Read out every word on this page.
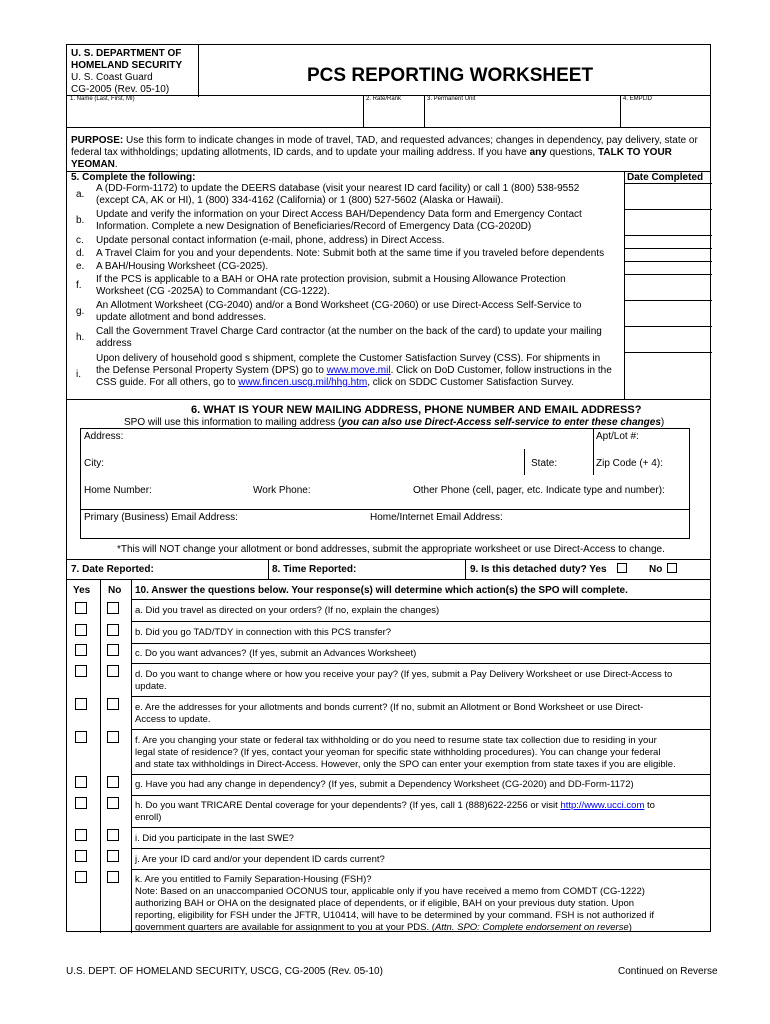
U. S. DEPARTMENT OF
HOMELAND SECURITY
U. S. Coast Guard
CG-2005 (Rev. 05-10)
PCS REPORTING WORKSHEET
1. Name (Last, First, MI)	2. Rate/Rank	3. Permanent Unit	4. EMPLID
PURPOSE: Use this form to indicate changes in mode of travel, TAD, and requested advances; changes in dependency, pay delivery, state or
federal tax withholdings; updating allotments, ID cards, and to update your mailing address. If you have any questions, TALK TO YOUR
YEOMAN.
5. Complete the following:	Date Completed
a.
A (DD-Form-1172) to update the DEERS database (visit your nearest ID card facility) or call 1 (800) 538-9552
(except CA, AK or HI), 1 (800) 334-4162 (California) or 1 (800) 527-5602 (Alaska or Hawaii).
b.
Update and verify the information on your Direct Access BAH/Dependency Data form and Emergency Contact
Information. Complete a new Designation of Beneficiaries/Record of Emergency Data (CG-2020D)
c. Update personal contact information (e-mail, phone, address) in Direct Access.
d. A Travel Claim for you and your dependents. Note: Submit both at the same time if you traveled before dependents
e. A BAH/Housing Worksheet (CG-2025).
f.
If the PCS is applicable to a BAH or OHA rate protection provision, submit a Housing Allowance Protection
Worksheet (CG -2025A) to Commandant (CG-1222).
g.
An Allotment Worksheet (CG-2040) and/or a Bond Worksheet (CG-2060) or use Direct-Access Self-Service to
update allotment and bond addresses.
h.
Call the Government Travel Charge Card contractor (at the number on the back of the card) to update your mailing
address
i.
Upon delivery of household good s shipment, complete the Customer Satisfaction Survey (CSS). For shipments in
the Defense Personal Property System (DPS) go to www.move.mil. Click on DoD Customer, follow instructions in the
CSS guide. For all others, go to www.fincen.uscg.mil/hhg.htm, click on SDDC Customer Satisfaction Survey.
6. WHAT IS YOUR NEW MAILING ADDRESS, PHONE NUMBER AND EMAIL ADDRESS?
SPO will use this information to mailing address (you can also use Direct-Access self-service to enter these changes)
Address:	Apt/Lot #:
City:	State:	Zip Code (+ 4):
Home Number:	Work Phone:	Other Phone (cell, pager, etc. Indicate type and number):
Primary (Business) Email Address:	Home/Internet Email Address:
*This will NOT change your allotment or bond addresses, submit the appropriate worksheet or use Direct-Access to change.
7. Date Reported:	8. Time Reported:	9. Is this detached duty? Yes	No
Yes No 10. Answer the questions below. Your response(s) will determine which action(s) the SPO will complete.
a. Did you travel as directed on your orders? (If no, explain the changes)
b. Did you go TAD/TDY in connection with this PCS transfer?
c. Do you want advances? (If yes, submit an Advances Worksheet)
d. Do you want to change where or how you receive your pay? (If yes, submit a Pay Delivery Worksheet or use Direct-Access to
update.
e. Are the addresses for your allotments and bonds current? (If no, submit an Allotment or Bond Worksheet or use Direct-
Access to update.
f. Are you changing your state or federal tax withholding or do you need to resume state tax collection due to residing in your
legal state of residence? (If yes, contact your yeoman for specific state withholding procedures). You can change your federal
and state tax withholdings in Direct-Access. However, only the SPO can enter your exemption from state taxes if you are eligible.
g. Have you had any change in dependency? (If yes, submit a Dependency Worksheet (CG-2020) and DD-Form-1172)
h. Do you want TRICARE Dental coverage for your dependents? (If yes, call 1 (888)622-2256 or visit http://www.ucci.com to
enroll)
i. Did you participate in the last SWE?
j. Are your ID card and/or your dependent ID cards current?
k. Are you entitled to Family Separation-Housing (FSH)?
Note: Based on an unaccompanied OCONUS tour, applicable only if you have received a memo from COMDT (CG-1222)
authorizing BAH or OHA on the designated place of dependents, or if eligible, BAH on your previous duty station. Upon
reporting, eligibility for FSH under the JFTR, U10414, will have to be determined by your command. FSH is not authorized if
government quarters are available for assignment to you at your PDS. (Attn. SPO: Complete endorsement on reverse)
U.S. DEPT. OF HOMELAND SECURITY, USCG, CG-2005 (Rev. 05-10)	Continued on Reverse
